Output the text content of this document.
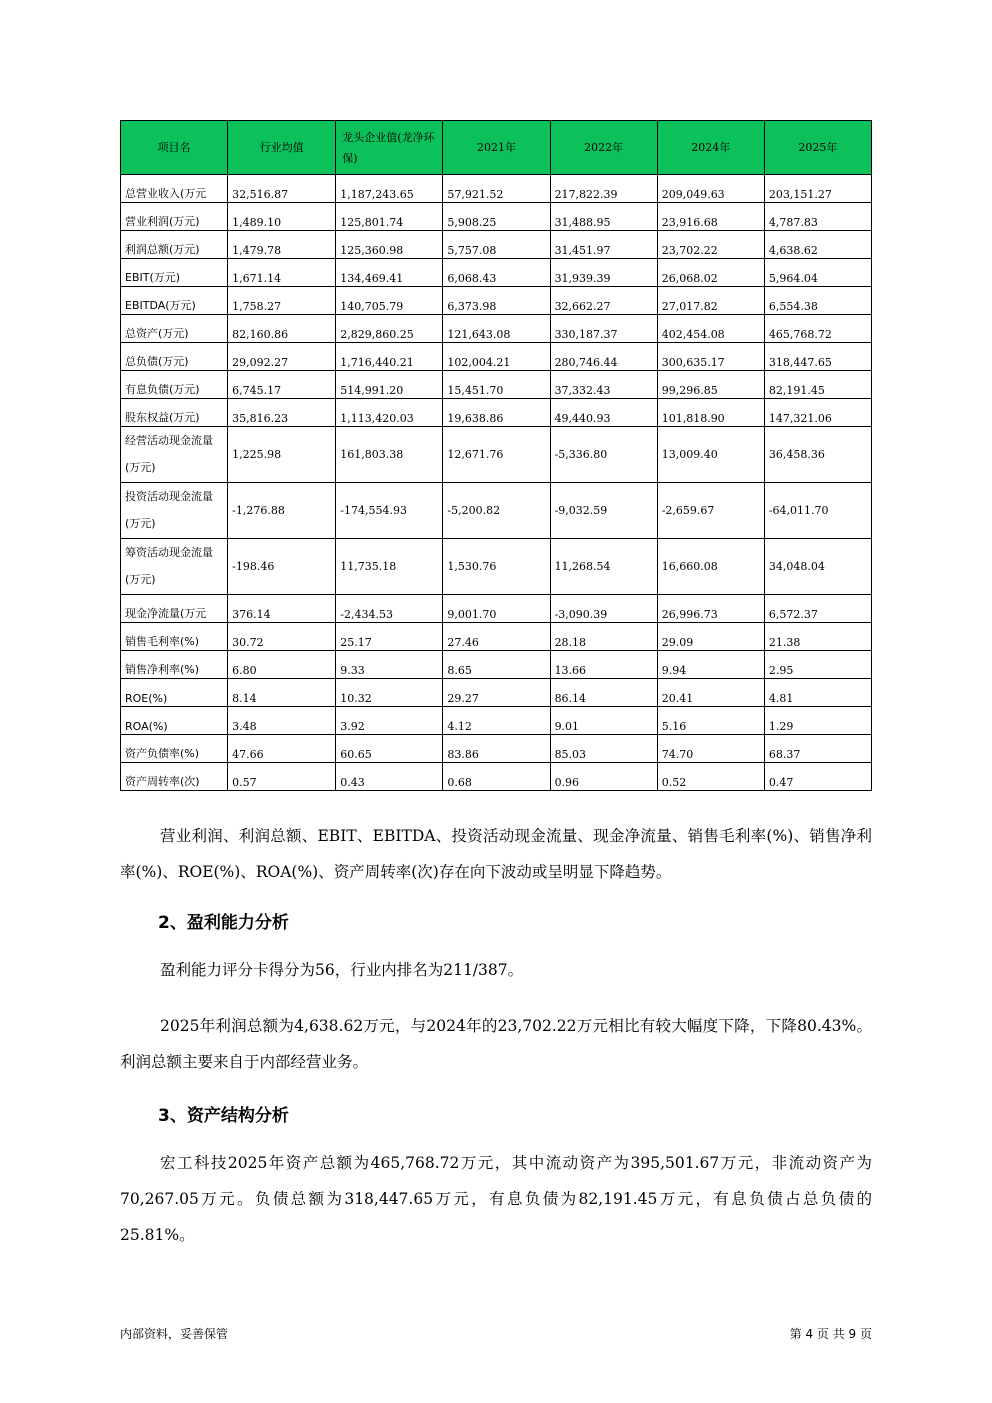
项目名	行业均值	龙头企业值(龙净环保)	2021年	2022年	2024年	2025年
总营业收入(万元	32,516.87	1,187,243.65	57,921.52	217,822.39	209,049.63	203,151.27
营业利润(万元)	1,489.10	125,801.74	5,908.25	31,488.95	23,916.68	4,787.83
利润总额(万元)	1,479.78	125,360.98	5,757.08	31,451.97	23,702.22	4,638.62
EBIT(万元)	1,671.14	134,469.41	6,068.43	31,939.39	26,068.02	5,964.04
EBITDA(万元)	1,758.27	140,705.79	6,373.98	32,662.27	27,017.82	6,554.38
总资产(万元)	82,160.86	2,829,860.25	121,643.08	330,187.37	402,454.08	465,768.72
总负债(万元)	29,092.27	1,716,440.21	102,004.21	280,746.44	300,635.17	318,447.65
有息负债(万元)	6,745.17	514,991.20	15,451.70	37,332.43	99,296.85	82,191.45
股东权益(万元)	35,816.23	1,113,420.03	19,638.86	49,440.93	101,818.90	147,321.06
经营活动现金流量(万元)	1,225.98	161,803.38	12,671.76	-5,336.80	13,009.40	36,458.36
投资活动现金流量(万元)	-1,276.88	-174,554.93	-5,200.82	-9,032.59	-2,659.67	-64,011.70
筹资活动现金流量(万元)	-198.46	11,735.18	1,530.76	11,268.54	16,660.08	34,048.04
现金净流量(万元	376.14	-2,434.53	9,001.70	-3,090.39	26,996.73	6,572.37
销售毛利率(%)	30.72	25.17	27.46	28.18	29.09	21.38
销售净利率(%)	6.80	9.33	8.65	13.66	9.94	2.95
ROE(%)	8.14	10.32	29.27	86.14	20.41	4.81
ROA(%)	3.48	3.92	4.12	9.01	5.16	1.29
资产负债率(%)	47.66	60.65	83.86	85.03	74.70	68.37
资产周转率(次)	0.57	0.43	0.68	0.96	0.52	0.47

营业利润、利润总额、EBIT、EBITDA、投资活动现金流量、现金净流量、销售毛利率(%)、销售净利率(%)、ROE(%)、ROA(%)、资产周转率(次)存在向下波动或呈明显下降趋势。

2、盈利能力分析

盈利能力评分卡得分为56，行业内排名为211/387。

2025年利润总额为4,638.62万元，与2024年的23,702.22万元相比有较大幅度下降，下降80.43%。利润总额主要来自于内部经营业务。

3、资产结构分析

宏工科技2025年资产总额为465,768.72万元，其中流动资产为395,501.67万元，非流动资产为70,267.05万元。负债总额为318,447.65万元，有息负债为82,191.45万元，有息负债占总负债的25.81%。

内部资料，妥善保管	第 4 页 共 9 页
